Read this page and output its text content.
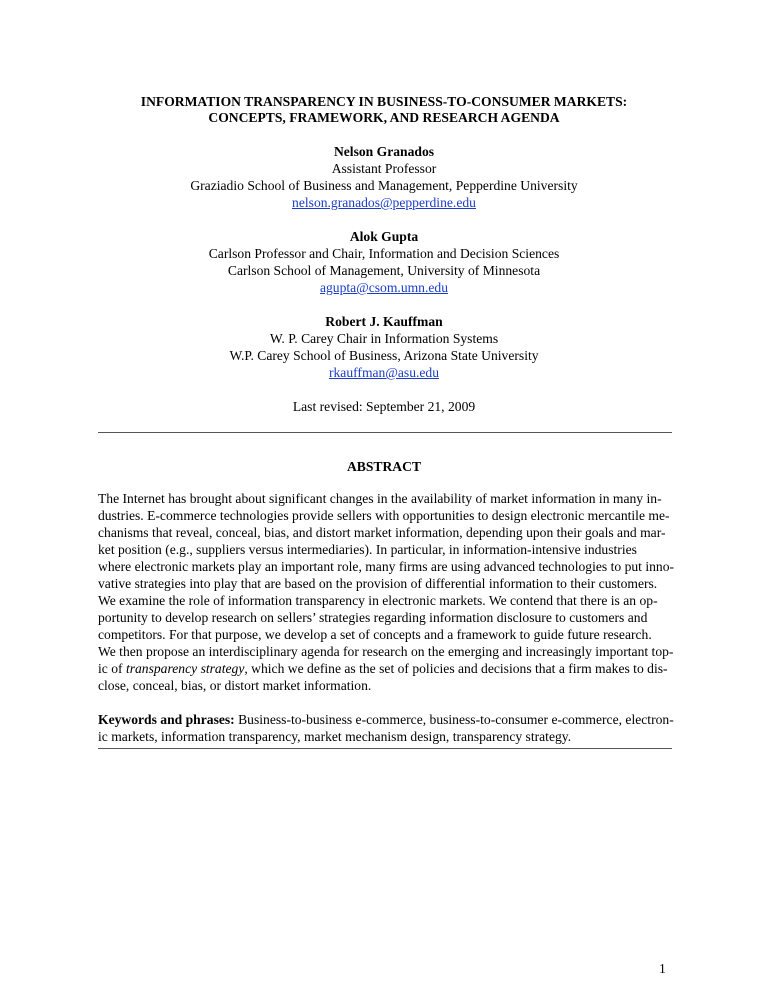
INFORMATION TRANSPARENCY IN BUSINESS-TO-CONSUMER MARKETS:
CONCEPTS, FRAMEWORK, AND RESEARCH AGENDA
Nelson Granados
Assistant Professor
Graziadio School of Business and Management, Pepperdine University
nelson.granados@pepperdine.edu
Alok Gupta
Carlson Professor and Chair, Information and Decision Sciences
Carlson School of Management, University of Minnesota
agupta@csom.umn.edu
Robert J. Kauffman
W. P. Carey Chair in Information Systems
W.P. Carey School of Business, Arizona State University
rkauffman@asu.edu
Last revised: September 21, 2009
ABSTRACT
The Internet has brought about significant changes in the availability of market information in many in-
dustries. E-commerce technologies provide sellers with opportunities to design electronic mercantile me-
chanisms that reveal, conceal, bias, and distort market information, depending upon their goals and mar-
ket position (e.g., suppliers versus intermediaries). In particular, in information-intensive industries
where electronic markets play an important role, many firms are using advanced technologies to put inno-
vative strategies into play that are based on the provision of differential information to their customers.
We examine the role of information transparency in electronic markets. We contend that there is an op-
portunity to develop research on sellers’ strategies regarding information disclosure to customers and
competitors. For that purpose, we develop a set of concepts and a framework to guide future research.
We then propose an interdisciplinary agenda for research on the emerging and increasingly important top-
ic of transparency strategy, which we define as the set of policies and decisions that a firm makes to dis-
close, conceal, bias, or distort market information.
Keywords and phrases: Business-to-business e-commerce, business-to-consumer e-commerce, electron-
ic markets, information transparency, market mechanism design, transparency strategy.
1
